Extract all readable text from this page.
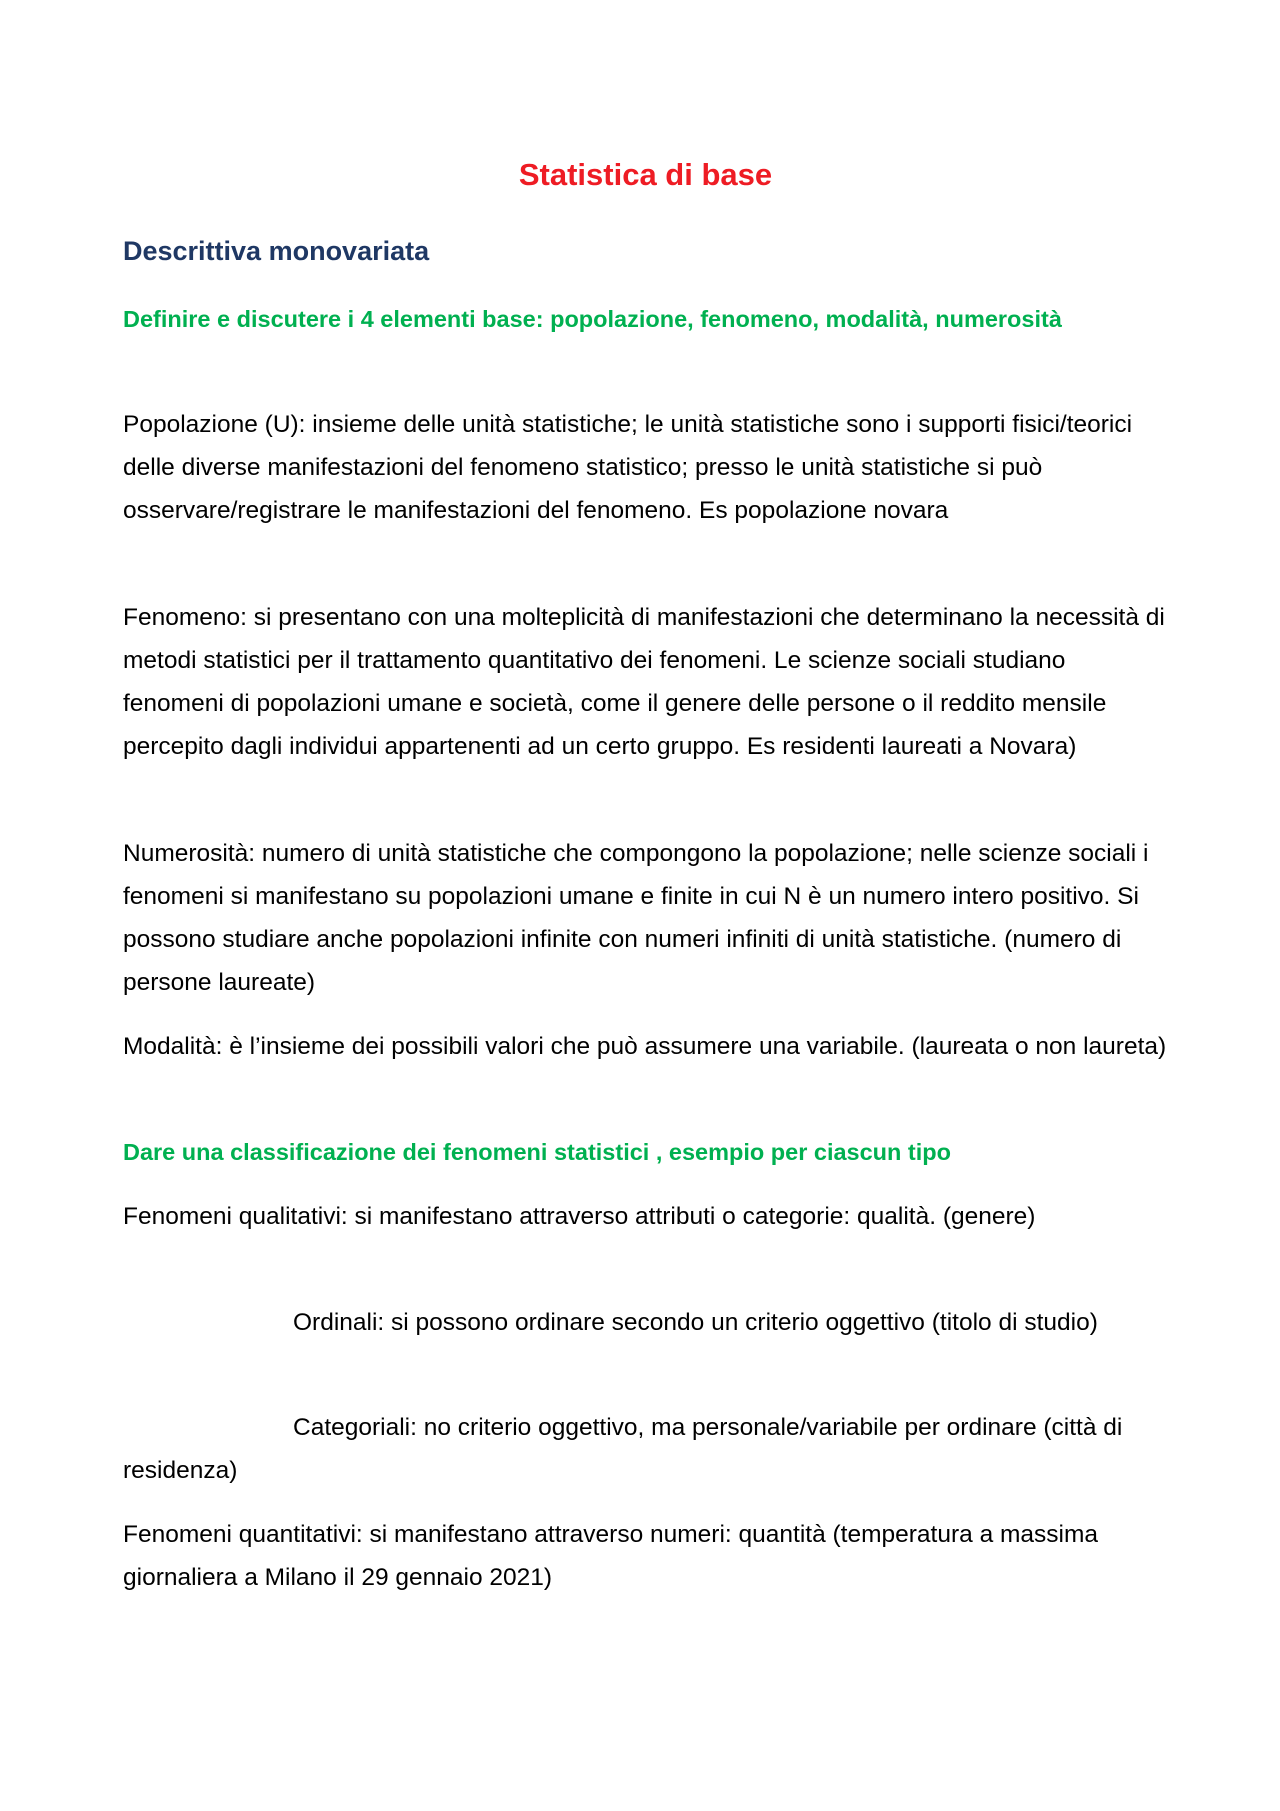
Statistica di base
Descrittiva monovariata
Definire e discutere i 4 elementi base: popolazione, fenomeno, modalità, numerosità

Popolazione (U): insieme delle unità statistiche; le unità statistiche sono i supporti fisici/teorici delle diverse manifestazioni del fenomeno statistico; presso le unità statistiche si può osservare/registrare le manifestazioni del fenomeno. Es popolazione novara

Fenomeno: si presentano con una molteplicità di manifestazioni che determinano la necessità di metodi statistici per il trattamento quantitativo dei fenomeni. Le scienze sociali studiano fenomeni di popolazioni umane e società, come il genere delle persone o il reddito mensile percepito dagli individui appartenenti ad un certo gruppo. Es residenti laureati a Novara)

Numerosità: numero di unità statistiche che compongono la popolazione; nelle scienze sociali i fenomeni si manifestano su popolazioni umane e finite in cui N è un numero intero positivo. Si possono studiare anche popolazioni infinite con numeri infiniti di unità statistiche. (numero di persone laureate)

Modalità: è l’insieme dei possibili valori che può assumere una variabile. (laureata o non laureta)

Dare una classificazione dei fenomeni statistici , esempio per ciascun tipo

Fenomeni qualitativi: si manifestano attraverso attributi o categorie: qualità. (genere)

Ordinali: si possono ordinare secondo un criterio oggettivo (titolo di studio)

Categoriali: no criterio oggettivo, ma personale/variabile per ordinare (città di residenza)

Fenomeni quantitativi: si manifestano attraverso numeri: quantità (temperatura a massima giornaliera a Milano il 29 gennaio 2021)
